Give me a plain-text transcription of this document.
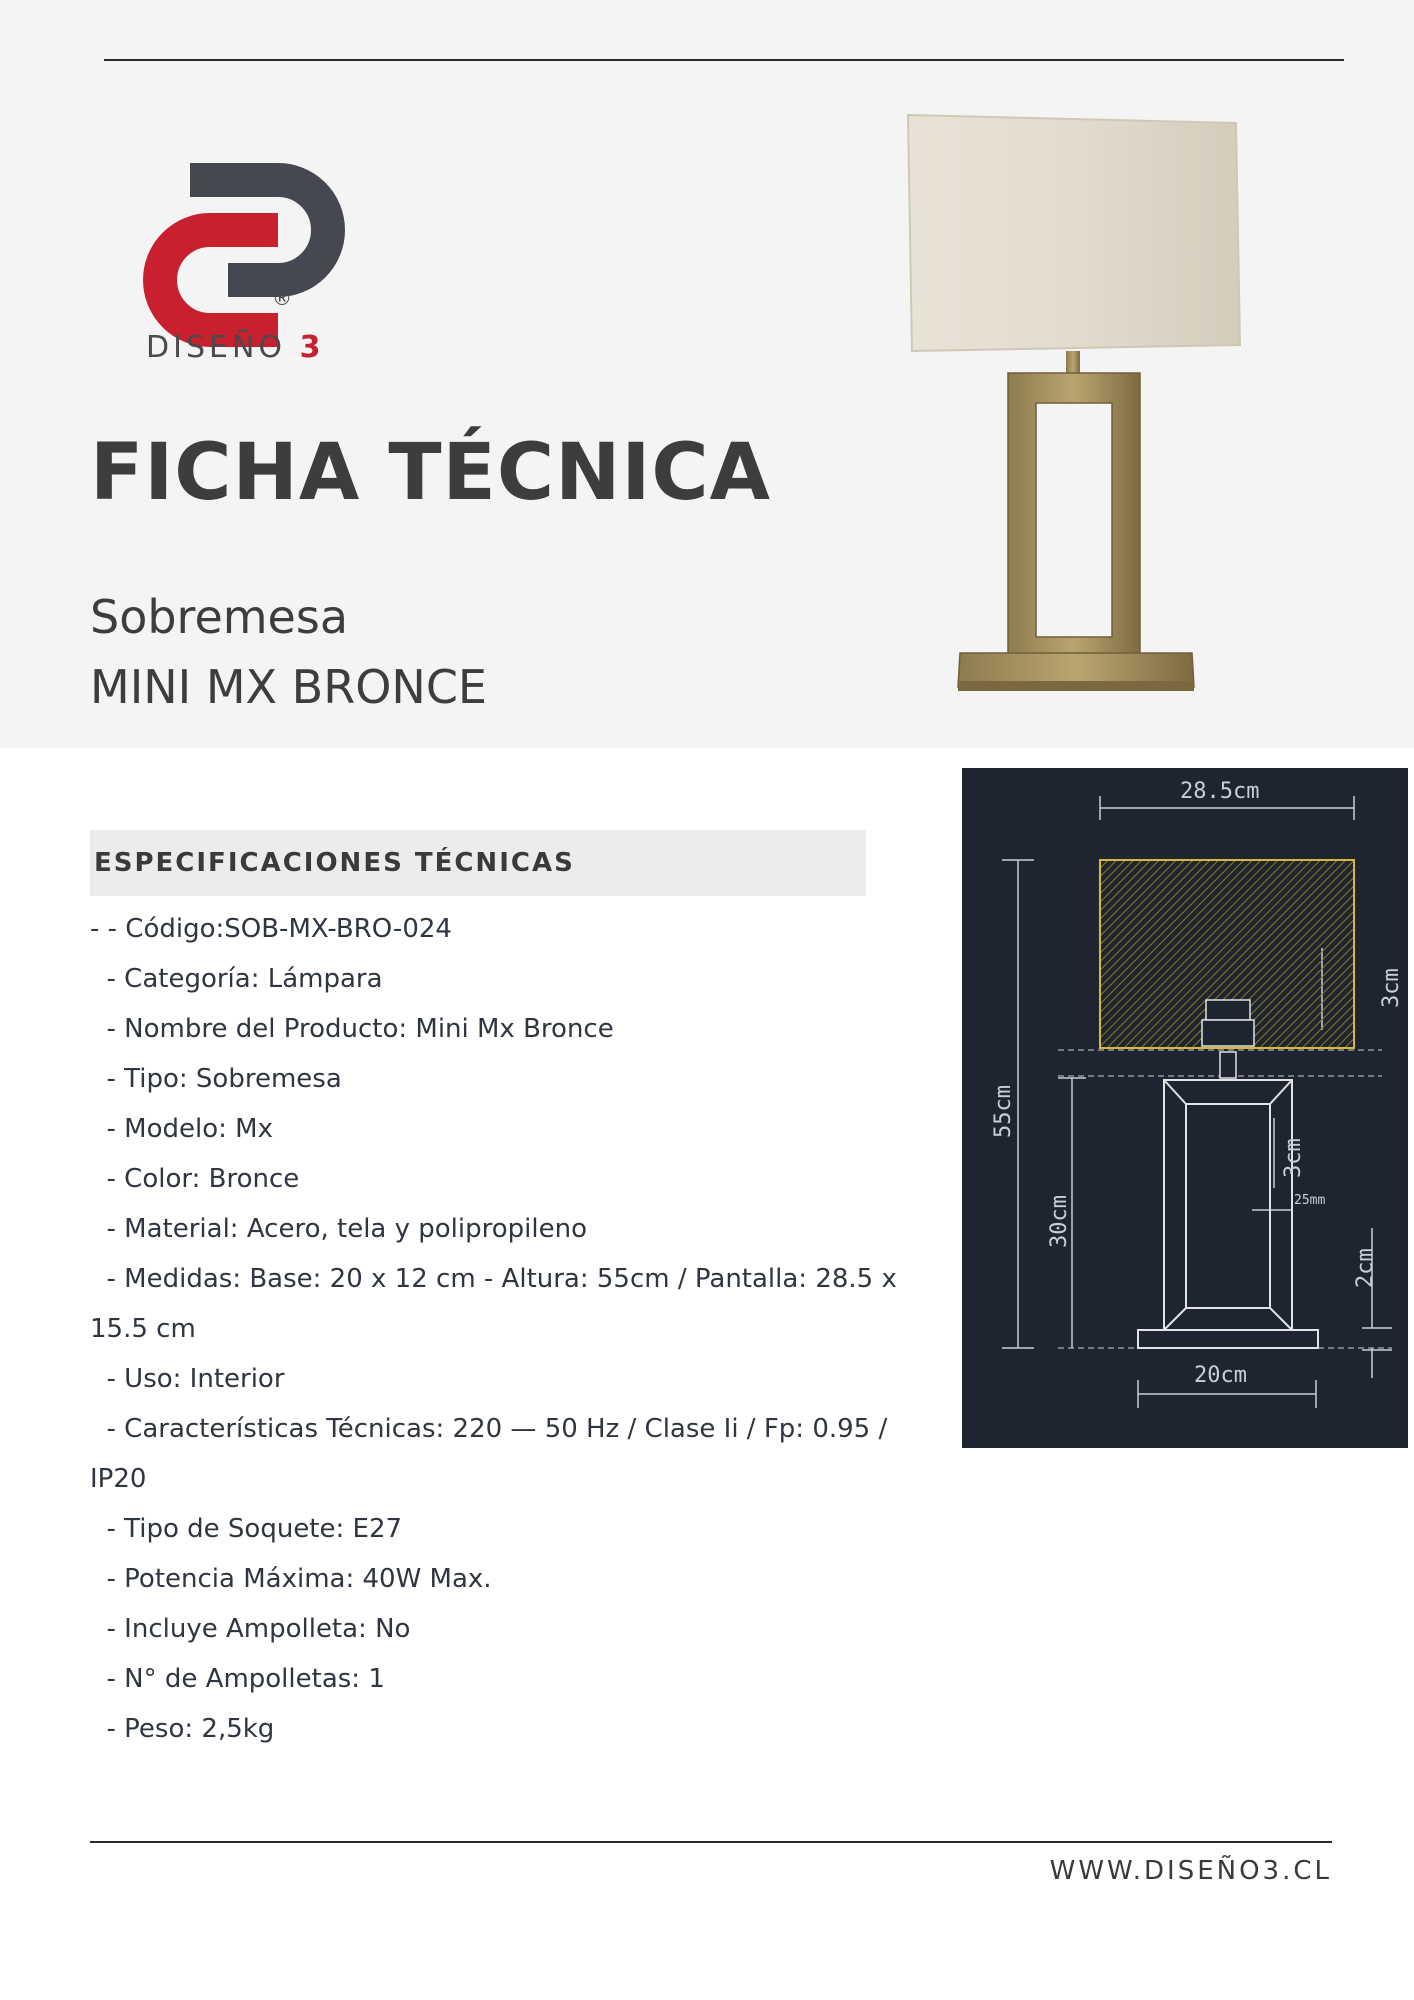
®
DISEÑO 3
FICHA TÉCNICA
Sobremesa
MINI MX BRONCE
28.5cm
55cm
30cm
3cm
3cm
25mm
2cm
20cm
ESPECIFICACIONES TÉCNICAS
- - Código:SOB-MX-BRO-024
- Categoría: Lámpara
- Nombre del Producto: Mini Mx Bronce
- Tipo: Sobremesa
- Modelo: Mx
- Color: Bronce
- Material: Acero, tela y polipropileno
- Medidas: Base: 20 x 12 cm - Altura: 55cm / Pantalla: 28.5 x 15.5 cm
- Uso: Interior
- Características Técnicas: 220 — 50 Hz / Clase Ii / Fp: 0.95 / IP20
- Tipo de Soquete: E27
- Potencia Máxima: 40W Max.
- Incluye Ampolleta: No
- N° de Ampolletas: 1
- Peso: 2,5kg
WWW.DISEÑO3.CL
